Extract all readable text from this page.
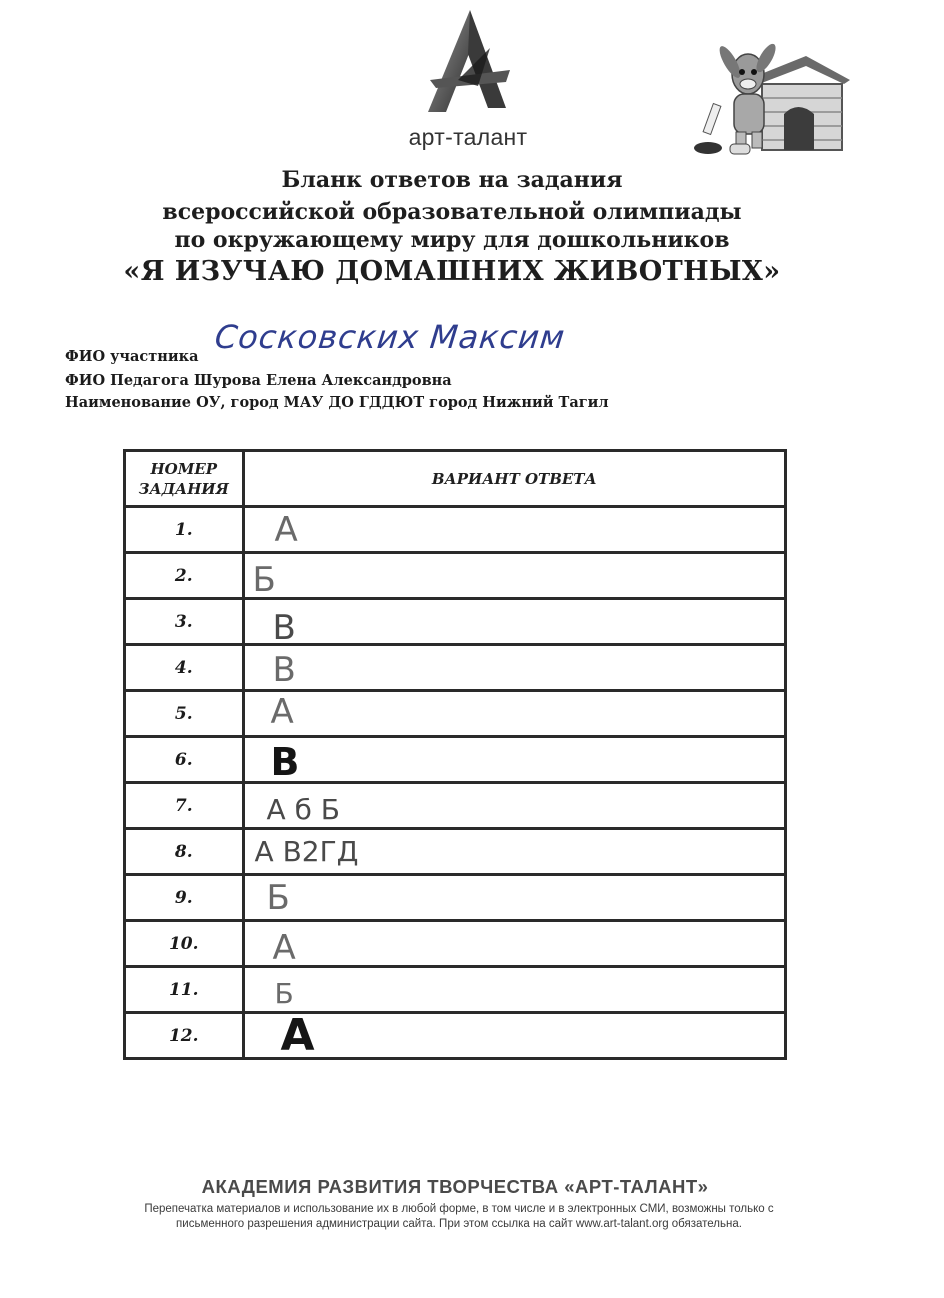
арт-талант
Бланк ответов на задания
всероссийской образовательной олимпиады
по окружающему миру для дошкольников
«Я ИЗУЧАЮ ДОМАШНИХ ЖИВОТНЫХ»
ФИО участника
Сосковских Максим
ФИО Педагога Шурова Елена Александровна
Наименование ОУ, город МАУ ДО ГДДЮТ город Нижний Тагил
НОМЕР
ЗАДАНИЯ	ВАРИАНТ ОТВЕТА
1.	А

2.	Б

3.	В

4.	В

5.	А

6.	В

7.	А б Б

8.	А В2ГД

9.	Б

10.	А

11.	Б

12.	А
АКАДЕМИЯ РАЗВИТИЯ ТВОРЧЕСТВА «АРТ-ТАЛАНТ»
Перепечатка материалов и использование их в любой форме, в том числе и в электронных СМИ, возможны только с
письменного разрешения администрации сайта. При этом ссылка на сайт www.art-talant.org обязательна.
